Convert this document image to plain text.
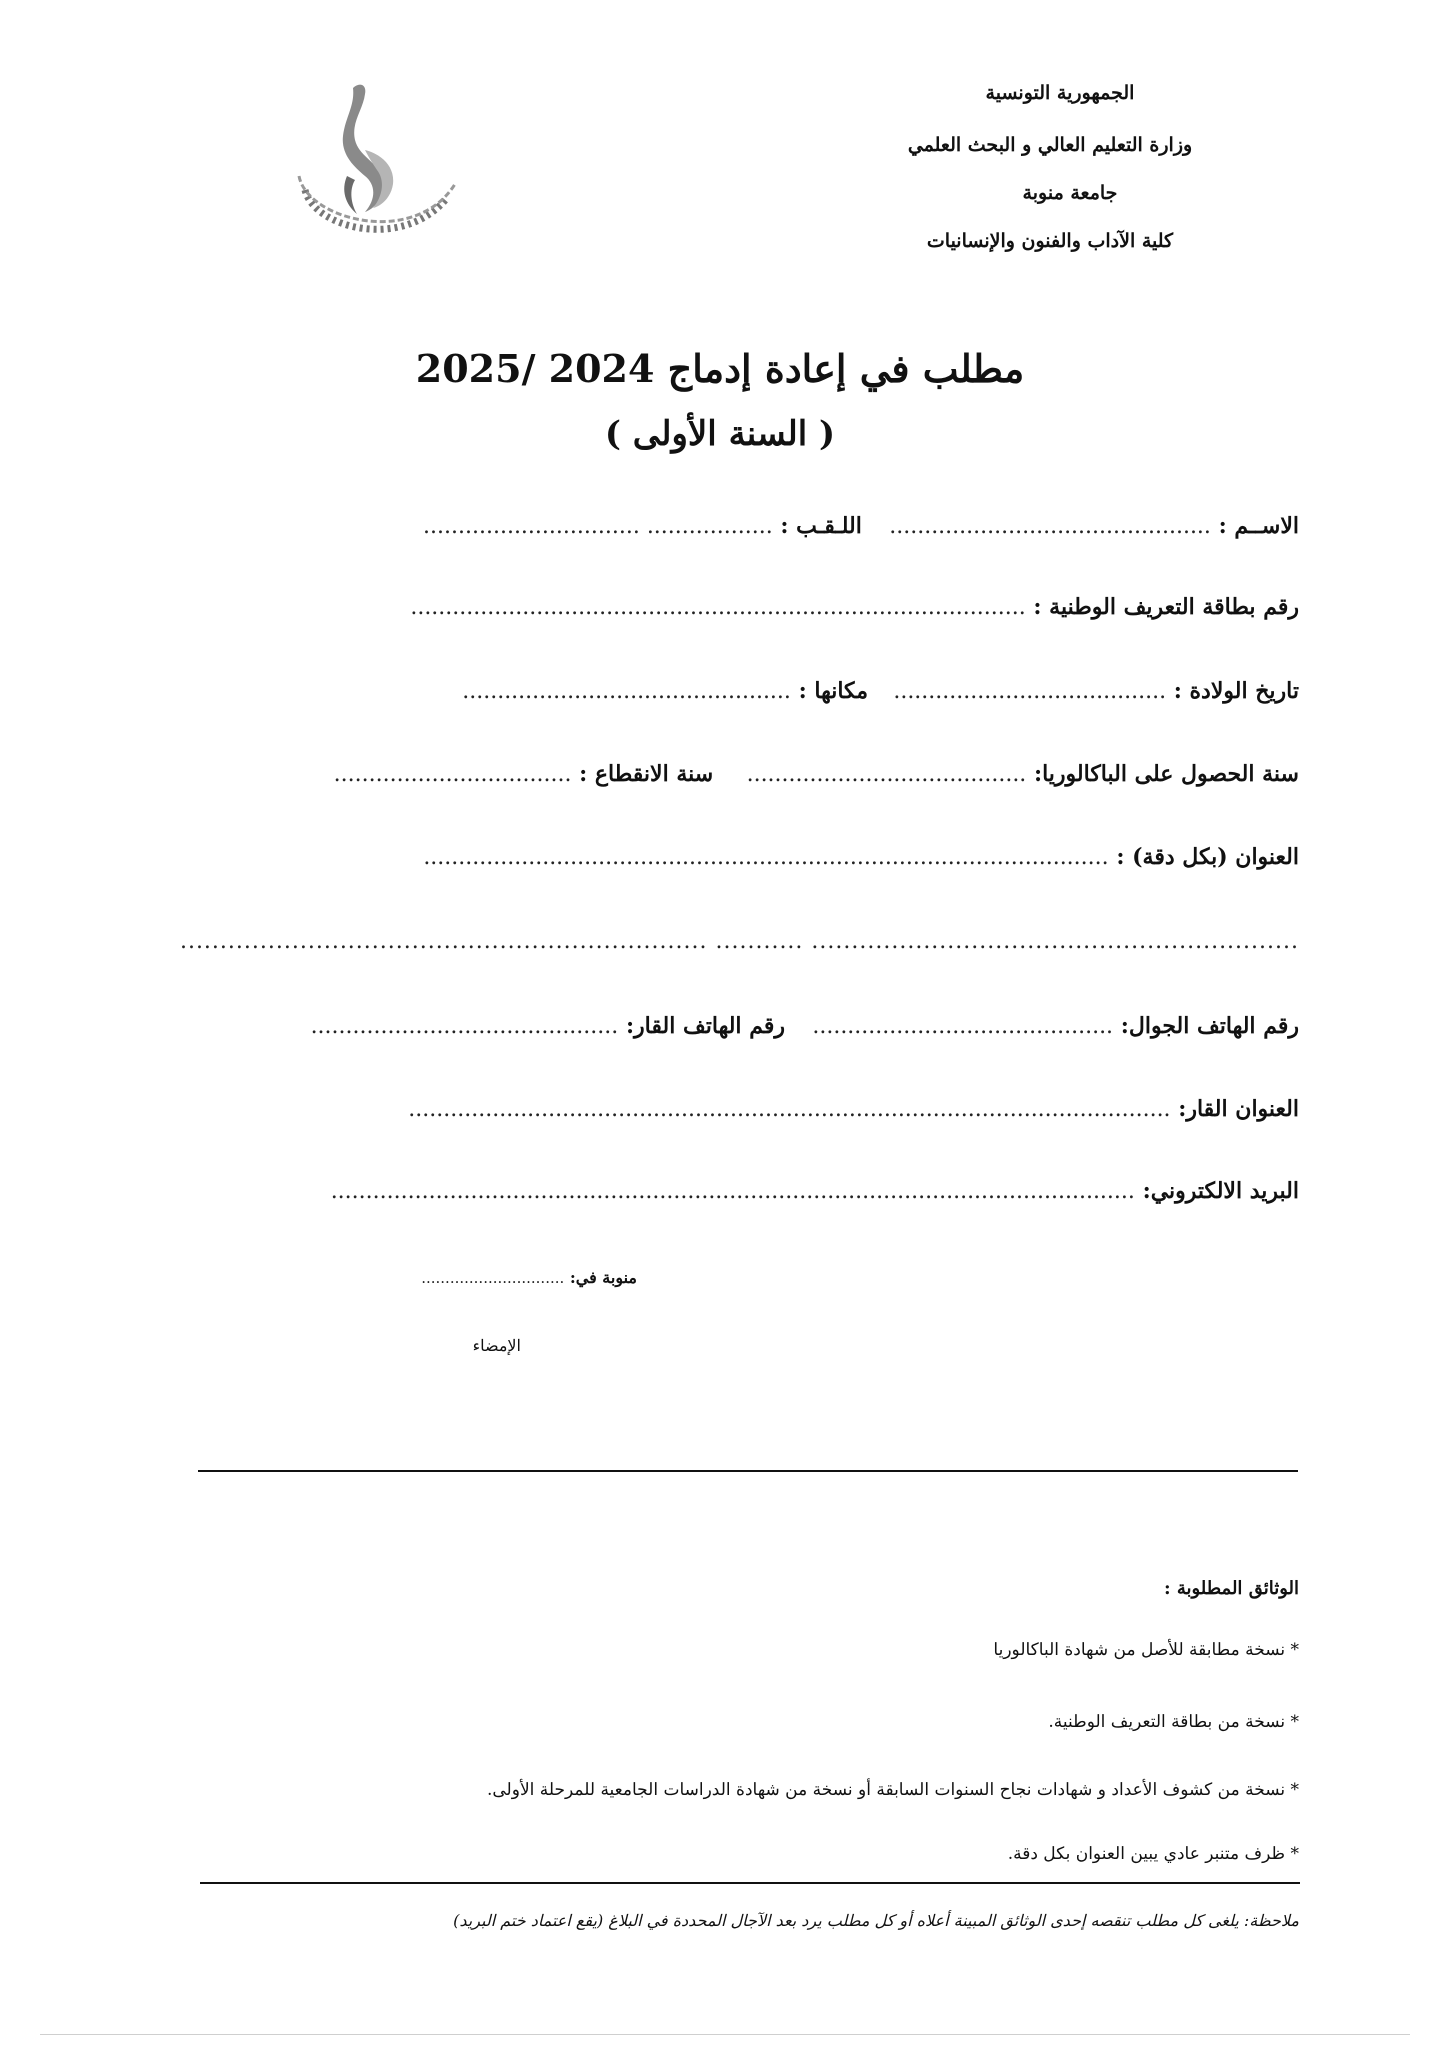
الجمهورية التونسية
وزارة التعليم العالي و البحث العلمي
جامعة منوبة
كلية الآداب والفنون والإنسانيات
مطلب في إعادة إدماج 2024 /2025
( السنة الأولى )
الاســم : ..............................................  اللـقـب : .................. ...............................
رقم بطاقة التعريف الوطنية : ........................................................................................
تاريخ الولادة : .......................................  مكانها : ...............................................
سنة الحصول على الباكالوريا: ........................................  سنة الانقطاع : ..................................
العنوان (بكل دقة) : ..................................................................................................
............................................................. ........... ..................................................................
رقم الهاتف الجوال: ...........................................  رقم الهاتف القار: ............................................
العنوان القار: .............................................................................................................
البريد الالكتروني: ...................................................................................................................
منوبة في: ..............................
الإمضاء
الوثائق المطلوبة :
* نسخة مطابقة للأصل من شهادة الباكالوريا
* نسخة من بطاقة التعريف الوطنية.
* نسخة من كشوف الأعداد و شهادات نجاح السنوات السابقة أو نسخة من شهادة الدراسات الجامعية للمرحلة الأولى.
* ظرف متنبر عادي يبين العنوان بكل دقة.
ملاحظة: يلغى كل مطلب تنقصه إحدى الوثائق المبينة أعلاه أو كل مطلب يرد بعد الآجال المحددة في البلاغ (يقع اعتماد ختم البريد)
